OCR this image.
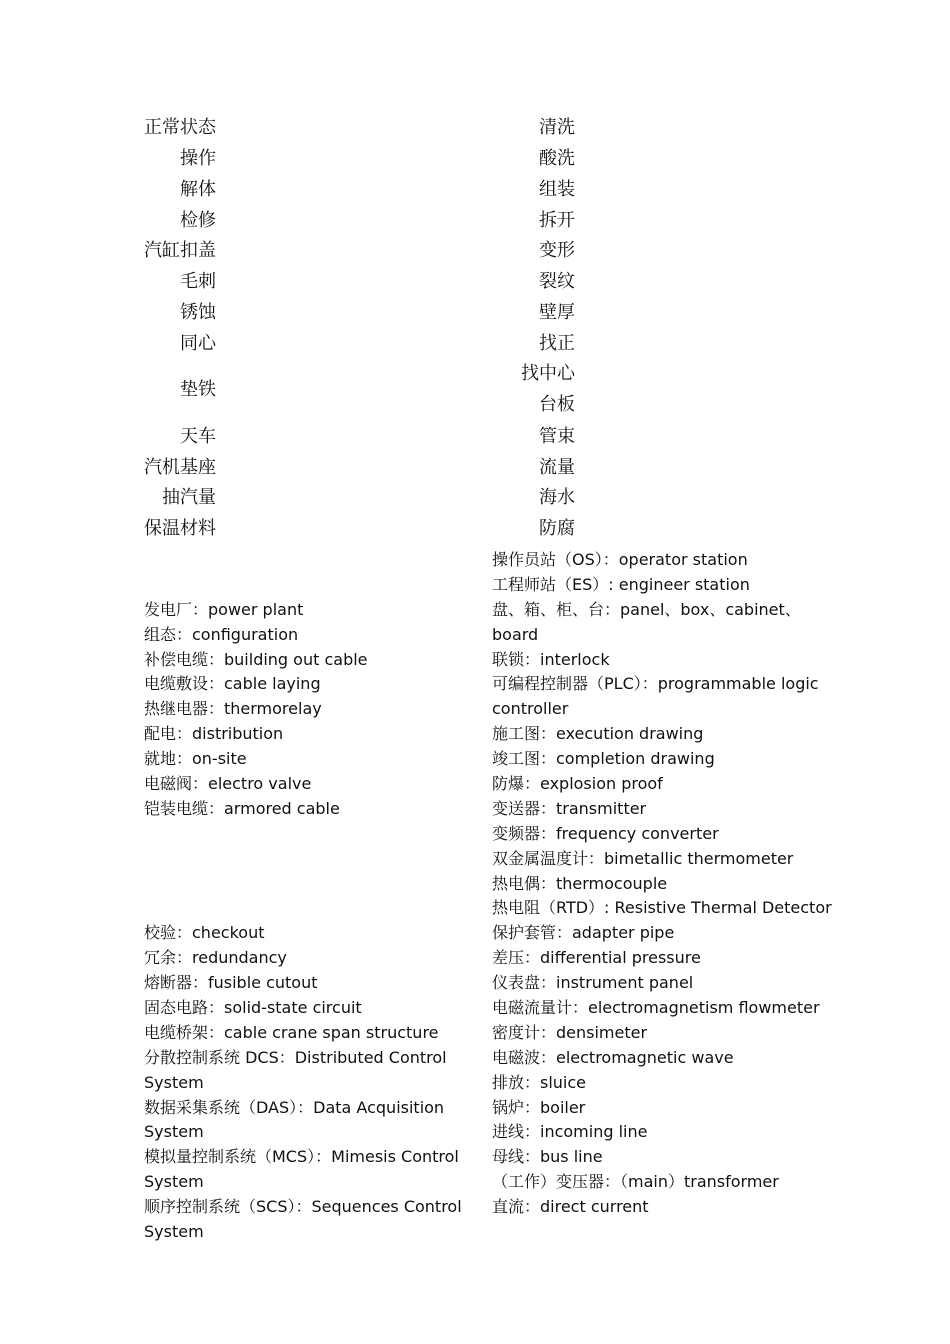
正常状态
操作
解体
检修
汽缸扣盖
毛刺
锈蚀
同心
垫铁
天车
汽机基座
抽汽量
保温材料
清洗
酸洗
组装
拆开
变形
裂纹
壁厚
找正
找中心
台板
管束
流量
海水
防腐
发电厂：power plant
组态：configuration
补偿电缆：building out cable
电缆敷设：cable laying
热继电器：thermorelay
配电：distribution
就地：on-site
电磁阀：electro valve
铠装电缆：armored cable
校验：checkout
冗余：redundancy
熔断器：fusible cutout
固态电路：solid-state circuit
电缆桥架：cable crane span structure
分散控制系统 DCS：Distributed Control
System
数据采集系统（DAS）：Data Acquisition
System
模拟量控制系统（MCS）：Mimesis Control
System
顺序控制系统（SCS）：Sequences Control
System
操作员站（OS）：operator station
工程师站（ES）: engineer station
盘、箱、柜、台：panel、box、cabinet、
board
联锁：interlock
可编程控制器（PLC）：programmable logic
controller
施工图：execution drawing
竣工图：completion drawing
防爆：explosion proof
变送器：transmitter
变频器：frequency converter
双金属温度计：bimetallic thermometer
热电偶：thermocouple
热电阻（RTD）: Resistive Thermal Detector
保护套管：adapter pipe
差压：differential pressure
仪表盘：instrument panel
电磁流量计：electromagnetism flowmeter
密度计：densimeter
电磁波：electromagnetic wave
排放：sluice
锅炉：boiler
进线：incoming line
母线：bus line
（工作）变压器：（main）transformer
直流：direct current
